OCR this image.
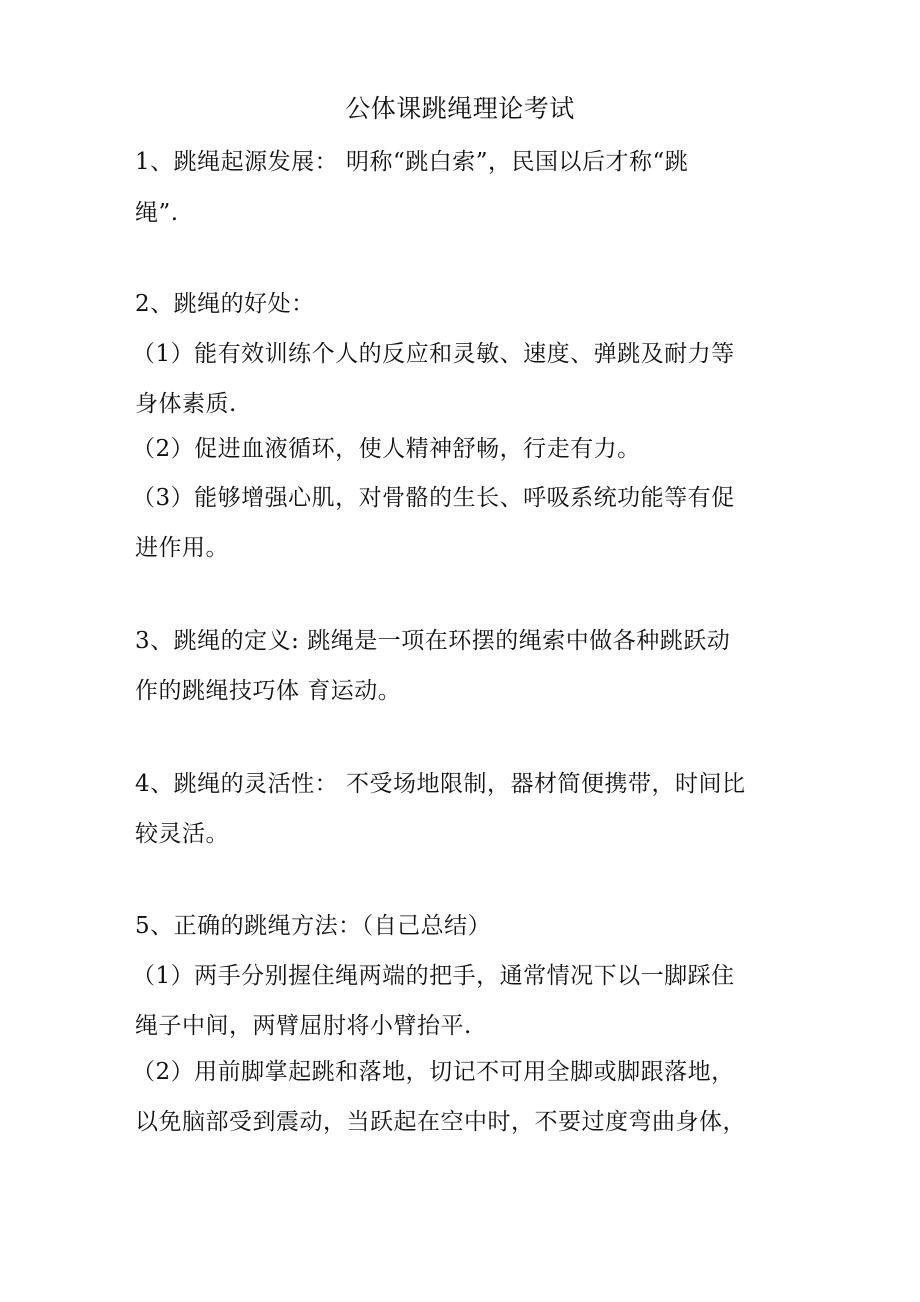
公体课跳绳理论考试
1、跳绳起源发展： 明称“跳白索”，民国以后才称“跳
绳”.
2、跳绳的好处：
（1）能有效训练个人的反应和灵敏、速度、弹跳及耐力等
身体素质.
（2）促进血液循环，使人精神舒畅，行走有力。
（3）能够增强心肌，对骨骼的生长、呼吸系统功能等有促
进作用。
3、跳绳的定义: 跳绳是一项在环摆的绳索中做各种跳跃动
作的跳绳技巧体 育运动。
4、跳绳的灵活性： 不受场地限制，器材简便携带，时间比
较灵活。
5、正确的跳绳方法：（自己总结）
（1）两手分别握住绳两端的把手，通常情况下以一脚踩住
绳子中间，两臂屈肘将小臂抬平.
（2）用前脚掌起跳和落地，切记不可用全脚或脚跟落地，
以免脑部受到震动，当跃起在空中时，不要过度弯曲身体，
